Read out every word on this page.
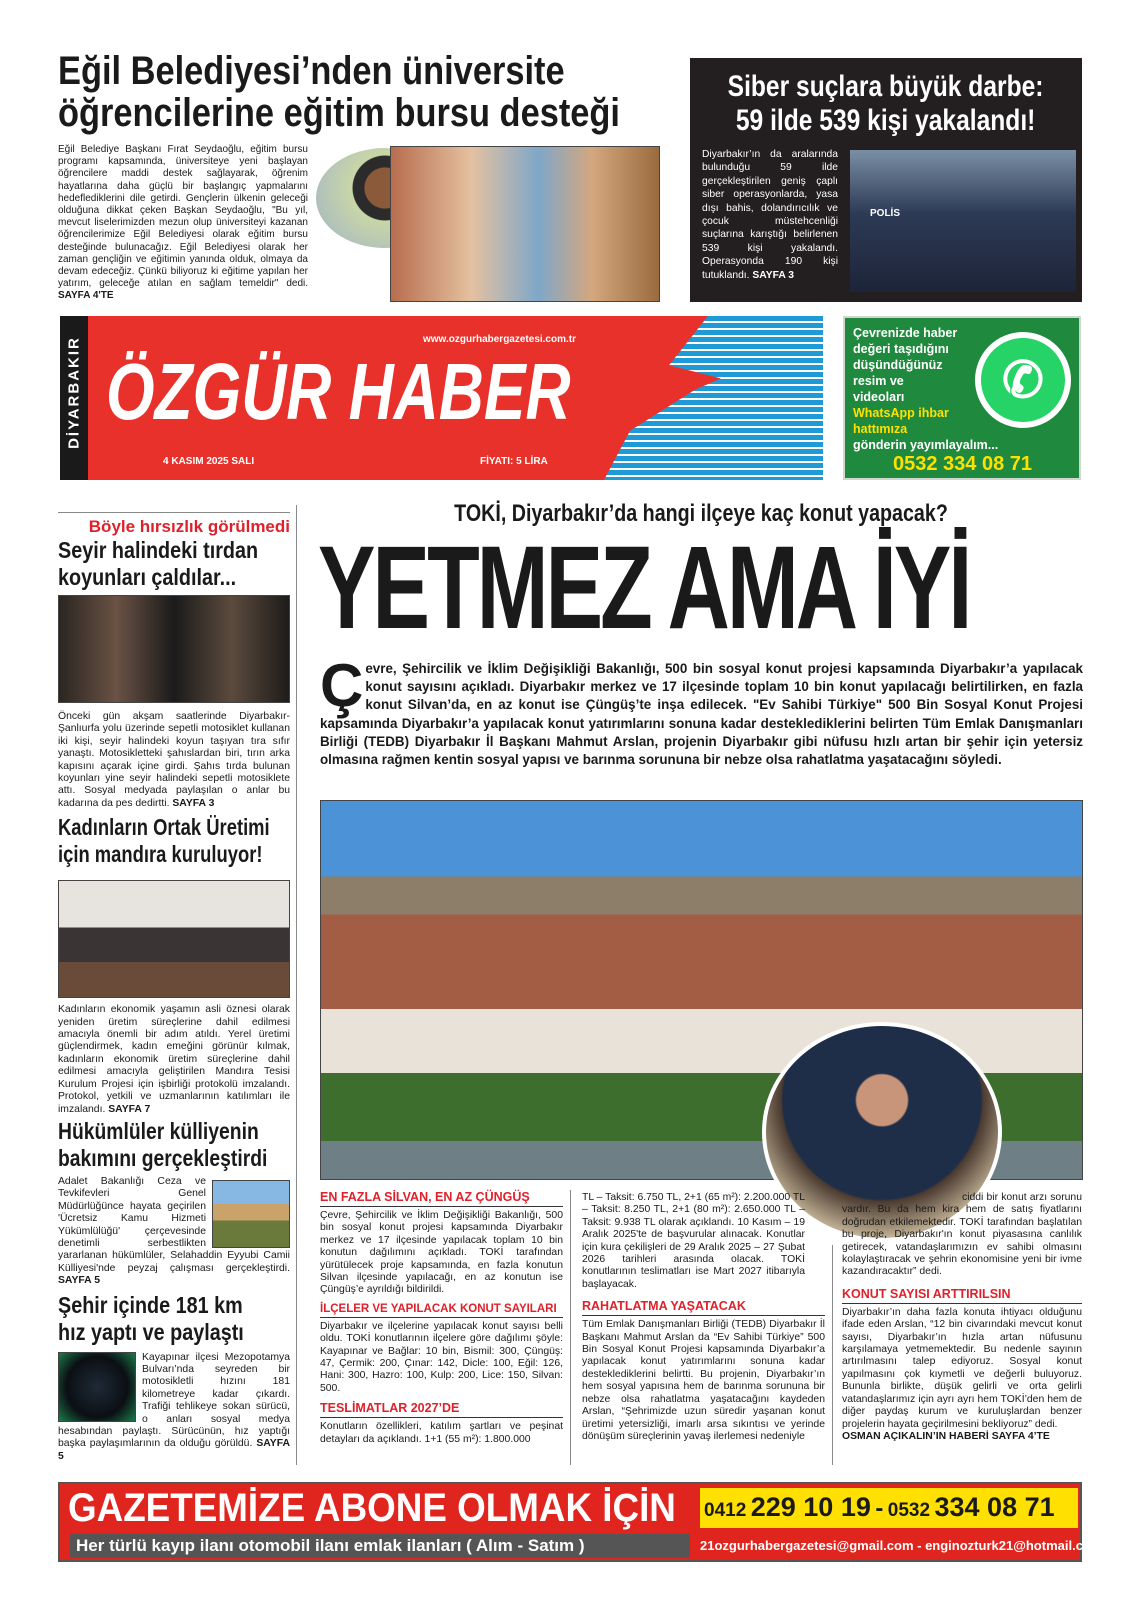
Eğil Belediyesi’nden üniversite
öğrencilerine eğitim bursu desteği
Eğil Belediye Başkanı Fırat Seydaoğlu, eğitim bursu programı kapsamında, üniversiteye yeni başlayan öğrencilere maddi destek sağlayarak, öğrenim hayatlarına daha güçlü bir başlangıç yapmalarını hedeflediklerini dile getirdi. Gençlerin ülkenin geleceği olduğuna dikkat çeken Başkan Seydaoğlu, "Bu yıl, mevcut liselerimizden mezun olup üniversiteyi kazanan öğrencilerimize Eğil Belediyesi olarak eğitim bursu desteğinde bulunacağız. Eğil Belediyesi olarak her zaman gençliğin ve eğitimin yanında olduk, olmaya da devam edeceğiz. Çünkü biliyoruz ki eğitime yapılan her yatırım, geleceğe atılan en sağlam temeldir" dedi. SAYFA 4'TE
Siber suçlara büyük darbe:
59 ilde 539 kişi yakalandı!
Diyarbakır’ın da aralarında bulunduğu 59 ilde gerçekleştirilen geniş çaplı siber operasyonlarda, yasa dışı bahis, dolandırıcılık ve çocuk müstehcenliği suçlarına karıştığı belirlenen 539 kişi yakalandı. Operasyonda 190 kişi tutuklandı. SAYFA 3
POLİS
DİYARBAKIR	www.ozgurhabergazetesi.com.tr
ÖZGÜR HABER
4 KASIM 2025 SALI	FİYATI: 5 LİRA
Çevrenizde haber
değeri taşıdığını
düşündüğünüz
resim ve
videoları
WhatsApp ihbar
hattımıza
gönderin yayımlayalım...
0532 334 08 71
✆
Böyle hırsızlık görülmedi
Seyir halindeki tırdan
koyunları çaldılar...
Önceki gün akşam saatlerinde Diyarbakır-Şanlıurfa yolu üzerinde sepetli motosiklet kullanan iki kişi, seyir halindeki koyun taşıyan tıra sıfır yanaştı. Motosikletteki şahıslardan biri, tırın arka kapısını açarak içine girdi. Şahıs tırda bulunan koyunları yine seyir halindeki sepetli motosiklete attı. Sosyal medyada paylaşılan o anlar bu kadarına da pes dedirtti. SAYFA 3
Kadınların Ortak Üretimi
için mandıra kuruluyor!
Kadınların ekonomik yaşamın asli öznesi olarak yeniden üretim süreçlerine dahil edilmesi amacıyla önemli bir adım atıldı. Yerel üretimi güçlendirmek, kadın emeğini görünür kılmak, kadınların ekonomik üretim süreçlerine dahil edilmesi amacıyla geliştirilen Mandıra Tesisi Kurulum Projesi için işbirliği protokolü imzalandı. Protokol, yetkili ve uzmanlarının katılımları ile imzalandı. SAYFA 7
Hükümlüler külliyenin
bakımını gerçekleştirdi
Adalet Bakanlığı Ceza ve Tevkifevleri Genel Müdürlüğünce hayata geçirilen 'Ücretsiz Kamu Hizmeti Yükümlülüğü' çerçevesinde denetimli serbestlikten yararlanan hükümlüler, Selahaddin Eyyubi Camii Külliyesi'nde peyzaj çalışması gerçekleştirdi. SAYFA 5
Şehir içinde 181 km
hız yaptı ve paylaştı
Kayapınar ilçesi Mezopotamya Bulvarı’nda seyreden bir motosikletli hızını 181 kilometreye kadar çıkardı. Trafiği tehlikeye sokan sürücü, o anları sosyal medya hesabından paylaştı. Sürücünün, hız yaptığı başka paylaşımlarının da olduğu görüldü. SAYFA 5
TOKİ, Diyarbakır’da hangi ilçeye kaç konut yapacak?
YETMEZ AMA İYİ
Çevre, Şehircilik ve İklim Değişikliği Bakanlığı, 500 bin sosyal konut projesi kapsamında Diyarbakır’a yapılacak konut sayısını açıkladı. Diyarbakır merkez ve 17 ilçesinde toplam 10 bin konut yapılacağı belirtilirken, en fazla konut Silvan’da, en az konut ise Çüngüş’te inşa edilecek. "Ev Sahibi Türkiye" 500 Bin Sosyal Konut Projesi kapsamında Diyarbakır’a yapılacak konut yatırımlarını sonuna kadar desteklediklerini belirten Tüm Emlak Danışmanları Birliği (TEDB) Diyarbakır İl Başkanı Mahmut Arslan, projenin Diyarbakır gibi nüfusu hızlı artan bir şehir için yetersiz olmasına rağmen kentin sosyal yapısı ve barınma sorununa bir nebze olsa rahatlatma yaşatacağını söyledi.
EN FAZLA SİLVAN, EN AZ ÇÜNGÜŞ
Çevre, Şehircilik ve İklim Değişikliği Bakanlığı, 500 bin sosyal konut projesi kapsamında Diyarbakır merkez ve 17 ilçesinde yapılacak toplam 10 bin konutun dağılımını açıkladı. TOKİ tarafından yürütülecek proje kapsamında, en fazla konutun Silvan ilçesinde yapılacağı, en az konutun ise Çüngüş’e ayrıldığı bildirildi.
İLÇELER VE YAPILACAK KONUT SAYILARI
Diyarbakır ve ilçelerine yapılacak konut sayısı belli oldu. TOKİ konutlarının ilçelere göre dağılımı şöyle: Kayapınar ve Bağlar: 10 bin, Bismil: 300, Çüngüş: 47, Çermik: 200, Çınar: 142, Dicle: 100, Eğil: 126, Hani: 300, Hazro: 100, Kulp: 200, Lice: 150, Silvan: 500.
TESLİMATLAR 2027’DE
Konutların özellikleri, katılım şartları ve peşinat detayları da açıklandı. 1+1 (55 m²): 1.800.000
TL – Taksit: 6.750 TL, 2+1 (65 m²): 2.200.000 TL – Taksit: 8.250 TL, 2+1 (80 m²): 2.650.000 TL – Taksit: 9.938 TL olarak açıklandı. 10 Kasım – 19 Aralık 2025'te de başvurular alınacak. Konutlar için kura çekilişleri de 29 Aralık 2025 – 27 Şubat 2026 tarihleri arasında olacak. TOKİ konutlarının teslimatları ise Mart 2027 itibarıyla başlayacak.
RAHATLATMA YAŞATACAK
Tüm Emlak Danışmanları Birliği (TEDB) Diyarbakır İl Başkanı Mahmut Arslan da “Ev Sahibi Türkiye” 500 Bin Sosyal Konut Projesi kapsamında Diyarbakır’a yapılacak konut yatırımlarını sonuna kadar desteklediklerini belirtti. Bu projenin, Diyarbakır’ın hem sosyal yapısına hem de barınma sorununa bir nebze olsa rahatlatma yaşatacağını kaydeden Arslan, “Şehrimizde uzun süredir yaşanan konut üretimi yetersizliği, imarlı arsa sıkıntısı ve yerinde dönüşüm süreçlerinin yavaş ilerlemesi nedeniyle
ciddi bir konut arzı sorunu vardır. Bu da hem kira hem de satış fiyatlarını doğrudan etkilemektedir. TOKİ tarafından başlatılan bu proje, Diyarbakır'ın konut piyasasına canlılık getirecek, vatandaşlarımızın ev sahibi olmasını kolaylaştıracak ve şehrin ekonomisine yeni bir ivme kazandıracaktır” dedi.
KONUT SAYISI ARTTIRILSIN
Diyarbakır’ın daha fazla konuta ihtiyacı olduğunu ifade eden Arslan, “12 bin civarındaki mevcut konut sayısı, Diyarbakır’ın hızla artan nüfusunu karşılamaya yetmemektedir. Bu nedenle sayının artırılmasını talep ediyoruz. Sosyal konut yapılmasını çok kıymetli ve değerli buluyoruz. Bununla birlikte, düşük gelirli ve orta gelirli vatandaşlarımız için ayrı ayrı hem TOKİ’den hem de diğer paydaş kurum ve kuruluşlardan benzer projelerin hayata geçirilmesini bekliyoruz” dedi.
OSMAN AÇIKALIN’IN HABERİ SAYFA 4’TE
GAZETEMİZE ABONE OLMAK İÇİN 0412 229 10 19 - 0532 334 08 71
Her türlü kayıp ilanı otomobil ilanı emlak ilanları ( Alım - Satım )	21ozgurhabergazetesi@gmail.com - enginozturk21@hotmail.com
